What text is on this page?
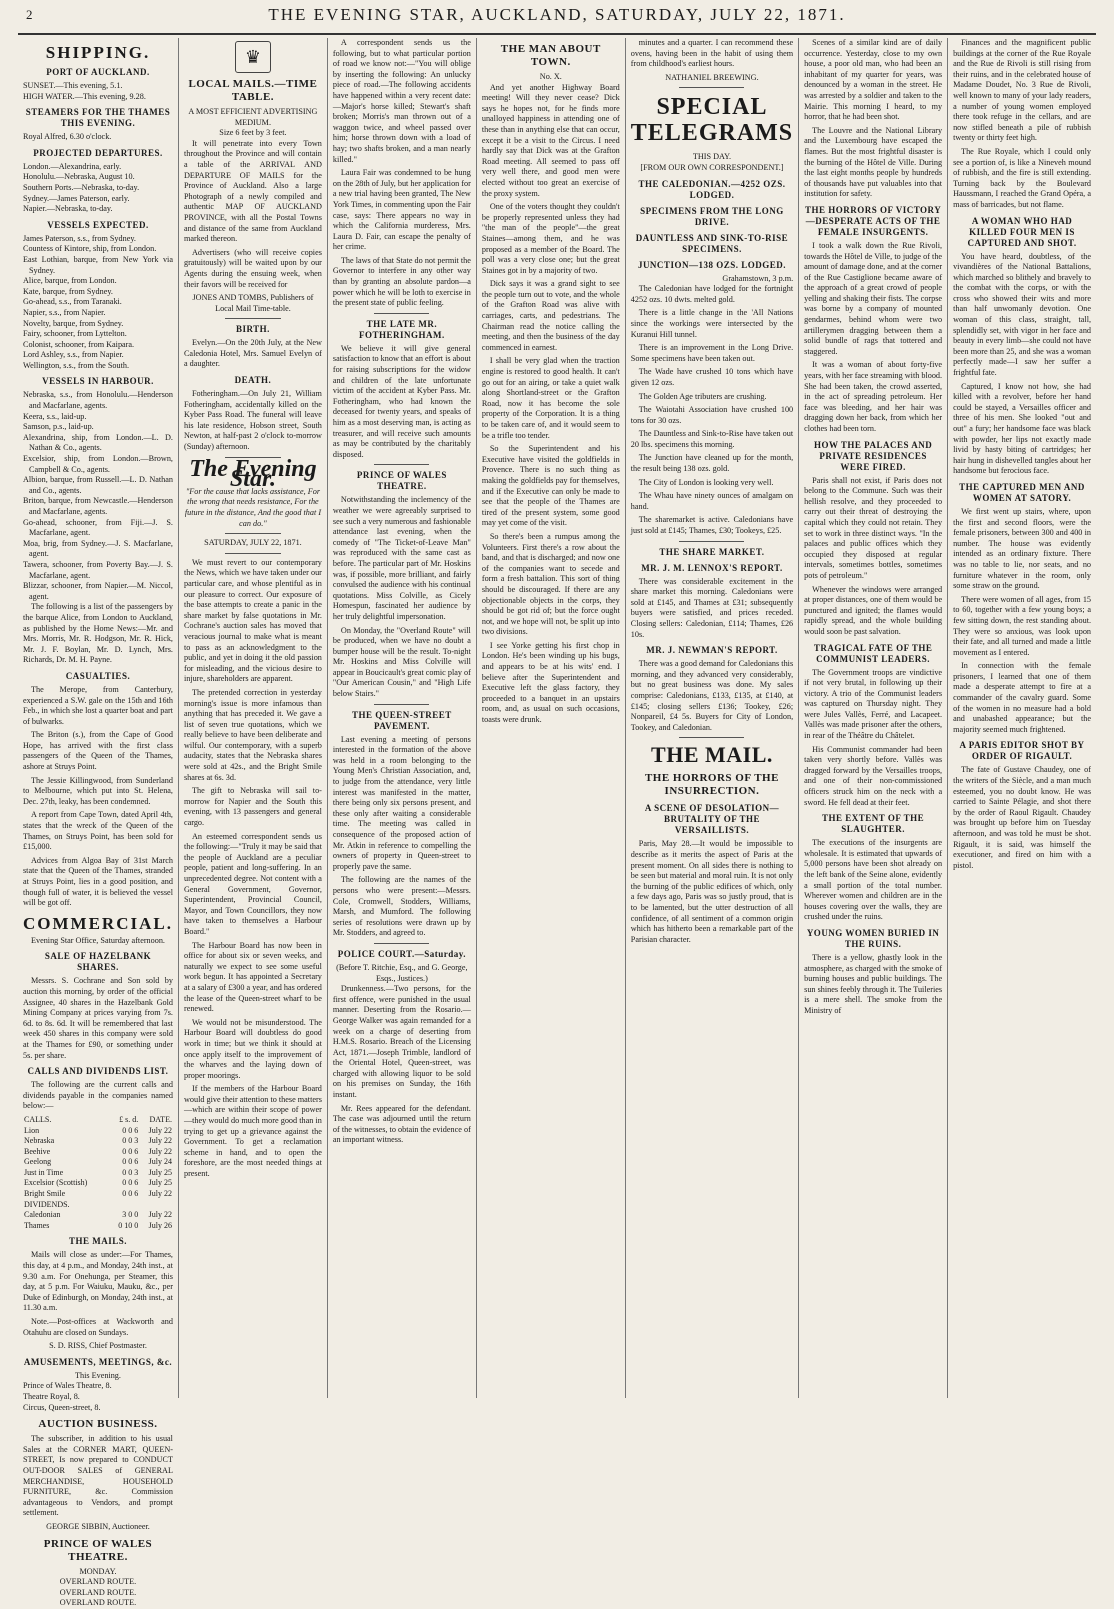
2	THE EVENING STAR, AUCKLAND, SATURDAY, JULY 22, 1871.
SHIPPING.
PORT OF AUCKLAND.
SUNSET.—This evening, 5.1.
HIGH WATER.—This evening, 9.28.
STEAMERS FOR THE THAMES THIS EVENING.
Royal Alfred, 6.30 o'clock.
PROJECTED DEPARTURES.
London.—Alexandrina, early.
Honolulu.—Nebraska, August 10.
Southern Ports.—Nebraska, to-day.
Sydney.—James Paterson, early.
Napier.—Nebraska, to-day.
VESSELS EXPECTED.
James Paterson, s.s., from Sydney.
Countess of Kintore, ship, from London.
East Lothian, barque, from New York via Sydney.
Alice, barque, from London.
Kate, barque, from Sydney.
Go-ahead, s.s., from Taranaki.
Napier, s.s., from Napier.
Novelty, barque, from Sydney.
Fairy, schooner, from Lyttelton.
Colonist, schooner, from Kaipara.
Lord Ashley, s.s., from Napier.
Wellington, s.s., from the South.
VESSELS IN HARBOUR.
Nebraska, s.s., from Honolulu.—Henderson and Macfarlane, agents.
Keera, s.s., laid-up.
Samson, p.s., laid-up.
Alexandrina, ship, from London.—L. D. Nathan & Co., agents.
Excelsior, ship, from London.—Brown, Campbell & Co., agents.
Albion, barque, from Russell.—L. D. Nathan and Co., agents.
Briton, barque, from Newcastle.—Henderson and Macfarlane, agents.
Go-ahead, schooner, from Fiji.—J. S. Macfarlane, agent.
Moa, brig, from Sydney.—J. S. Macfarlane, agent.
Tawera, schooner, from Poverty Bay.—J. S. Macfarlane, agent.
Blizzar, schooner, from Napier.—M. Niccol, agent.

The following is a list of the passengers by the barque Alice, from London to Auckland, as published by the Home News:—Mr. and Mrs. Morris, Mr. R. Hodgson, Mr. R. Hick, Mr. J. F. Boylan, Mr. D. Lynch, Mrs. Richards, Dr. M. H. Payne.

CASUALTIES.

The Merope, from Canterbury, experienced a S.W. gale on the 15th and 16th Feb., in which she lost a quarter boat and part of bulwarks.

The Briton (s.), from the Cape of Good Hope, has arrived with the first class passengers of the Queen of the Thames, ashore at Struys Point.

The Jessie Killingwood, from Sunderland to Melbourne, which put into St. Helena, Dec. 27th, leaky, has been condemned.

A report from Cape Town, dated April 4th, states that the wreck of the Queen of the Thames, on Struys Point, has been sold for £15,000.

Advices from Algoa Bay of 31st March state that the Queen of the Thames, stranded at Struys Point, lies in a good position, and though full of water, it is believed the vessel will be got off.

COMMERCIAL.
Evening Star Office, Saturday afternoon.
SALE OF HAZELBANK SHARES.

Messrs. S. Cochrane and Son sold by auction this morning, by order of the official Assignee, 40 shares in the Hazelbank Gold Mining Company at prices varying from 7s. 6d. to 8s. 6d. It will be remembered that last week 450 shares in this company were sold at the Thames for £90, or something under 5s. per share.

CALLS AND DIVIDENDS LIST.

The following are the current calls and dividends payable in the companies named below:—

CALLS.	£ s. d.	DATE.
Lion	0 0 6	July 22
Nebraska	0 0 3	July 22
Beehive	0 0 6	July 22
Geelong	0 0 6	July 24
Just in Time	0 0 3	July 25
Excelsior (Scottish)	0 0 6	July 25
Bright Smile	0 0 6	July 22
DIVIDENDS.		
Caledonian	3 0 0	July 22
Thames	0 10 0	July 26
THE MAILS.

Mails will close as under:—For Thames, this day, at 4 p.m., and Monday, 24th inst., at 9.30 a.m. For Onehunga, per Steamer, this day, at 5 p.m. For Waiuku, Mauku, &c., per Duke of Edinburgh, on Monday, 24th inst., at 11.30 a.m.

Note.—Post-offices at Wackworth and Otahuhu are closed on Sundays.

S. D. RISS, Chief Postmaster.
AMUSEMENTS, MEETINGS, &c.
This Evening.
Prince of Wales Theatre, 8.
Theatre Royal, 8.
Circus, Queen-street, 8.
AUCTION BUSINESS.

The subscriber, in addition to his usual Sales at the CORNER MART, QUEEN-STREET, Is now prepared to CONDUCT OUT-DOOR SALES of GENERAL MERCHANDISE, HOUSEHOLD FURNITURE, &c. Commission advantageous to Vendors, and prompt settlement.

GEORGE SIBBIN, Auctioneer.
PRINCE OF WALES THEATRE.
MONDAY.
OVERLAND ROUTE.
OVERLAND ROUTE.
OVERLAND ROUTE.
♛
LOCAL MAILS.—TIME TABLE.
A MOST EFFICIENT ADVERTISING MEDIUM.
Size 6 feet by 3 feet.

It will penetrate into every Town throughout the Province and will contain a table of the ARRIVAL AND DEPARTURE OF MAILS for the Province of Auckland. Also a large Photograph of a newly compiled and authentic MAP OF AUCKLAND PROVINCE, with all the Postal Towns and distance of the same from Auckland marked thereon.

Advertisers (who will receive copies gratuitously) will be waited upon by our Agents during the ensuing week, when their favors will be received for

JONES AND TOMBS, Publishers of Local Mail Time-table.
BIRTH.

Evelyn.—On the 20th July, at the New Caledonia Hotel, Mrs. Samuel Evelyn of a daughter.

DEATH.

Fotheringham.—On July 21, William Fotheringham, accidentally killed on the Kyber Pass Road. The funeral will leave his late residence, Hobson street, South Newton, at half-past 2 o'clock to-morrow (Sunday) afternoon.

The Evening Star.
"For the cause that lacks assistance, For the wrong that needs resistance, For the future in the distance, And the good that I can do."
SATURDAY, JULY 22, 1871.

We must revert to our contemporary the News, which we have taken under our particular care, and whose plentiful as in our pleasure to correct. Our exposure of the base attempts to create a panic in the share market by false quotations in Mr. Cochrane's auction sales has moved that veracious journal to make what is meant to pass as an acknowledgment to the public, and yet in doing it the old passion for misleading, and the vicious desire to injure, shareholders are apparent.

The pretended correction in yesterday morning's issue is more infamous than anything that has preceded it. We gave a list of seven true quotations, which we really believe to have been deliberate and wilful. Our contemporary, with a superb audacity, states that the Nebraska shares were sold at 42s., and the Bright Smile shares at 6s. 3d.

The gift to Nebraska will sail to-morrow for Napier and the South this evening, with 13 passengers and general cargo.

An esteemed correspondent sends us the following:—"Truly it may be said that the people of Auckland are a peculiar people, patient and long-suffering. In an unprecedented degree. Not content with a General Government, Governor, Superintendent, Provincial Council, Mayor, and Town Councillors, they now have taken to themselves a Harbour Board."

The Harbour Board has now been in office for about six or seven weeks, and naturally we expect to see some useful work begun. It has appointed a Secretary at a salary of £300 a year, and has ordered the lease of the Queen-street wharf to be renewed.

We would not be misunderstood. The Harbour Board will doubtless do good work in time; but we think it should at once apply itself to the improvement of the wharves and the laying down of proper moorings.

If the members of the Harbour Board would give their attention to these matters—which are within their scope of power—they would do much more good than in trying to get up a grievance against the Government. To get a reclamation scheme in hand, and to open the foreshore, are the most needed things at present.

A correspondent sends us the following, but to what particular portion of road we know not:—"You will oblige by inserting the following: An unlucky piece of road.—The following accidents have happened within a very recent date:—Major's horse killed; Stewart's shaft broken; Morris's man thrown out of a waggon twice, and wheel passed over him; horse thrown down with a load of hay; two shafts broken, and a man nearly killed."

Laura Fair was condemned to be hung on the 28th of July, but her application for a new trial having been granted, The New York Times, in commenting upon the Fair case, says: There appears no way in which the California murderess, Mrs. Laura D. Fair, can escape the penalty of her crime.

The laws of that State do not permit the Governor to interfere in any other way than by granting an absolute pardon—a power which he will be loth to exercise in the present state of public feeling.

THE LATE MR. FOTHERINGHAM.

We believe it will give general satisfaction to know that an effort is about for raising subscriptions for the widow and children of the late unfortunate victim of the accident at Kyber Pass. Mr. Fotheringham, who had known the deceased for twenty years, and speaks of him as a most deserving man, is acting as treasurer, and will receive such amounts as may be contributed by the charitably disposed.

PRINCE OF WALES THEATRE.

Notwithstanding the inclemency of the weather we were agreeably surprised to see such a very numerous and fashionable attendance last evening, when the comedy of "The Ticket-of-Leave Man" was reproduced with the same cast as before. The particular part of Mr. Hoskins was, if possible, more brilliant, and fairly convulsed the audience with his continual quotations. Miss Colville, as Cicely Homespun, fascinated her audience by her truly delightful impersonation.

On Monday, the "Overland Route" will be produced, when we have no doubt a bumper house will be the result. To-night Mr. Hoskins and Miss Colville will appear in Boucicault's great comic play of "Our American Cousin," and "High Life below Stairs."

THE QUEEN-STREET PAVEMENT.

Last evening a meeting of persons interested in the formation of the above was held in a room belonging to the Young Men's Christian Association, and, to judge from the attendance, very little interest was manifested in the matter, there being only six persons present, and these only after waiting a considerable time. The meeting was called in consequence of the proposed action of Mr. Atkin in reference to compelling the owners of property in Queen-street to properly pave the same.

The following are the names of the persons who were present:—Messrs. Cole, Cromwell, Stodders, Williams, Marsh, and Mumford. The following series of resolutions were drawn up by Mr. Stodders, and agreed to.

POLICE COURT.—Saturday.
(Before T. Ritchie, Esq., and G. George, Esqs., Justices.)

Drunkenness.—Two persons, for the first offence, were punished in the usual manner. Deserting from the Rosario.—George Walker was again remanded for a week on a charge of deserting from H.M.S. Rosario. Breach of the Licensing Act, 1871.—Joseph Trimble, landlord of the Oriental Hotel, Queen-street, was charged with allowing liquor to be sold on his premises on Sunday, the 16th instant.

Mr. Rees appeared for the defendant. The case was adjourned until the return of the witnesses, to obtain the evidence of an important witness.

THE MAN ABOUT TOWN.
No. X.

And yet another Highway Board meeting! Will they never cease? Dick says he hopes not, for he finds more unalloyed happiness in attending one of these than in anything else that can occur, except it be a visit to the Circus. I need hardly say that Dick was at the Grafton Road meeting. All seemed to pass off very well there, and good men were elected without too great an exercise of the proxy system.

One of the voters thought they couldn't be properly represented unless they had "the man of the people"—the great Staines—among them, and he was proposed as a member of the Board. The poll was a very close one; but the great Staines got in by a majority of two.

Dick says it was a grand sight to see the people turn out to vote, and the whole of the Grafton Road was alive with carriages, carts, and pedestrians. The Chairman read the notice calling the meeting, and then the business of the day commenced in earnest.

I shall be very glad when the traction engine is restored to good health. It can't go out for an airing, or take a quiet walk along Shortland-street or the Grafton Road, now it has become the sole property of the Corporation. It is a thing to be taken care of, and it would seem to be a trifle too tender.

So the Superintendent and his Executive have visited the goldfields in Provence. There is no such thing as making the goldfields pay for themselves, and if the Executive can only be made to see that the people of the Thames are tired of the present system, some good may yet come of the visit.

So there's been a rumpus among the Volunteers. First there's a row about the band, and that is discharged; and now one of the companies want to secede and form a fresh battalion. This sort of thing should be discouraged. If there are any objectionable objects in the corps, they should be got rid of; but the force ought not, and we hope will not, be split up into two divisions.

I see Yorke getting his first chop in London. He's been winding up his bugs, and appears to be at his wits' end. I believe after the Superintendent and Executive left the glass factory, they proceeded to a banquet in an upstairs room, and, as usual on such occasions, toasts were drunk.

minutes and a quarter. I can recommend these ovens, having been in the habit of using them from childhood's earliest hours.

NATHANIEL BREEWING.
SPECIAL TELEGRAMS
THIS DAY.
[FROM OUR OWN CORRESPONDENT.]
THE CALEDONIAN.—4252 OZS. LODGED.
SPECIMENS FROM THE LONG DRIVE.
DAUNTLESS AND SINK-TO-RISE SPECIMENS.
JUNCTION—138 OZS. LODGED.
Grahamstown, 3 p.m.

The Caledonian have lodged for the fortnight 4252 ozs. 10 dwts. melted gold.

There is a little change in the 'All Nations since the workings were intersected by the Kuranui Hill tunnel.

There is an improvement in the Long Drive. Some specimens have been taken out.

The Wade have crushed 10 tons which have given 12 ozs.

The Golden Age tributers are crushing.

The Waiotahi Association have crushed 100 tons for 30 ozs.

The Dauntless and Sink-to-Rise have taken out 20 lbs. specimens this morning.

The Junction have cleaned up for the month, the result being 138 ozs. gold.

The City of London is looking very well.

The Whau have ninety ounces of amalgam on hand.

The sharemarket is active. Caledonians have just sold at £145; Thames, £30; Tookeys, £25.

THE SHARE MARKET.
MR. J. M. LENNOX'S REPORT.

There was considerable excitement in the share market this morning. Caledonians were sold at £145, and Thames at £31; subsequently buyers were satisfied, and prices receded. Closing sellers: Caledonian, £114; Thames, £26 10s.

MR. J. NEWMAN'S REPORT.

There was a good demand for Caledonians this morning, and they advanced very considerably, but no great business was done. My sales comprise: Caledonians, £133, £135, at £140, at £145; closing sellers £136; Tookey, £26; Nonpareil, £4 5s. Buyers for City of London, Tookey, and Caledonian.

THE MAIL.
THE HORRORS OF THE INSURRECTION.
A SCENE OF DESOLATION—BRUTALITY OF THE VERSAILLISTS.

Paris, May 28.—It would be impossible to describe as it merits the aspect of Paris at the present moment. On all sides there is nothing to be seen but material and moral ruin. It is not only the burning of the public edifices of which, only a few days ago, Paris was so justly proud, that is to be lamented, but the utter destruction of all confidence, of all sentiment of a common origin which has hitherto been a remarkable part of the Parisian character.

Scenes of a similar kind are of daily occurrence. Yesterday, close to my own house, a poor old man, who had been an inhabitant of my quarter for years, was denounced by a woman in the street. He was arrested by a soldier and taken to the Mairie. This morning I heard, to my horror, that he had been shot.

The Louvre and the National Library and the Luxembourg have escaped the flames. But the most frightful disaster is the burning of the Hôtel de Ville. During the last eight months people by hundreds of thousands have put valuables into that institution for safety.

THE HORRORS OF VICTORY—DESPERATE ACTS OF THE FEMALE INSURGENTS.

I took a walk down the Rue Rivoli, towards the Hôtel de Ville, to judge of the amount of damage done, and at the corner of the Rue Castiglione became aware of the approach of a great crowd of people yelling and shaking their fists. The corpse was borne by a company of mounted gendarmes, behind whom were two artillerymen dragging between them a solid bundle of rags that tottered and staggered.

It was a woman of about forty-five years, with her face streaming with blood. She had been taken, the crowd asserted, in the act of spreading petroleum. Her face was bleeding, and her hair was dragging down her back, from which her clothes had been torn.

HOW THE PALACES AND PRIVATE RESIDENCES WERE FIRED.

Paris shall not exist, if Paris does not belong to the Commune. Such was their hellish resolve, and they proceeded to carry out their threat of destroying the capital which they could not retain. They set to work in three distinct ways. "In the palaces and public offices which they occupied they disposed at regular intervals, sometimes bottles, sometimes pots of petroleum."

Whenever the windows were arranged at proper distances, one of them would be punctured and ignited; the flames would rapidly spread, and the whole building would soon be past salvation.

TRAGICAL FATE OF THE COMMUNIST LEADERS.

The Government troops are vindictive if not very brutal, in following up their victory. A trio of the Communist leaders was captured on Thursday night. They were Jules Vallès, Ferré, and Lacapeet. Vallès was made prisoner after the others, in rear of the Théâtre du Châtelet.

His Communist commander had been taken very shortly before. Vallès was dragged forward by the Versailles troops, and one of their non-commissioned officers struck him on the neck with a sword. He fell dead at their feet.

THE EXTENT OF THE SLAUGHTER.

The executions of the insurgents are wholesale. It is estimated that upwards of 5,000 persons have been shot already on the left bank of the Seine alone, evidently a small portion of the total number. Wherever women and children are in the houses covering over the walls, they are crushed under the ruins.

YOUNG WOMEN BURIED IN THE RUINS.

There is a yellow, ghastly look in the atmosphere, as charged with the smoke of burning houses and public buildings. The sun shines feebly through it. The Tuileries is a mere shell. The smoke from the Ministry of

Finances and the magnificent public buildings at the corner of the Rue Royale and the Rue de Rivoli is still rising from their ruins, and in the celebrated house of Madame Doudet, No. 3 Rue de Rivoli, well known to many of your lady readers, a number of young women employed there took refuge in the cellars, and are now stifled beneath a pile of rubbish twenty or thirty feet high.

The Rue Royale, which I could only see a portion of, is like a Nineveh mound of rubbish, and the fire is still extending. Turning back by the Boulevard Haussmann, I reached the Grand Opéra, a mass of barricades, but not flame.

A WOMAN WHO HAD KILLED FOUR MEN IS CAPTURED AND SHOT.

You have heard, doubtless, of the vivandières of the National Battalions, which marched so blithely and bravely to the combat with the corps, or with the cross who showed their wits and more than half unwomanly devotion. One woman of this class, straight, tall, splendidly set, with vigor in her face and beauty in every limb—she could not have been more than 25, and she was a woman perfectly made—I saw her suffer a frightful fate.

Captured, I know not how, she had killed with a revolver, before her hand could be stayed, a Versailles officer and three of his men. She looked "out and out" a fury; her handsome face was black with powder, her lips not exactly made livid by hasty biting of cartridges; her hair hung in dishevelled tangles about her handsome but ferocious face.

THE CAPTURED MEN AND WOMEN AT SATORY.

We first went up stairs, where, upon the first and second floors, were the female prisoners, between 300 and 400 in number. The house was evidently intended as an ordinary fixture. There was no table to lie, nor seats, and no furniture whatever in the room, only some straw on the ground.

There were women of all ages, from 15 to 60, together with a few young boys; a few sitting down, the rest standing about. They were so anxious, was look upon their fate, and all turned and made a little movement as I entered.

In connection with the female prisoners, I learned that one of them made a desperate attempt to fire at a commander of the cavalry guard. Some of the women in no measure had a bold and unabashed appearance; but the majority seemed much frightened.

A PARIS EDITOR SHOT BY ORDER OF RIGAULT.

The fate of Gustave Chaudey, one of the writers of the Siècle, and a man much esteemed, you no doubt know. He was carried to Sainte Pélagie, and shot there by the order of Raoul Rigault. Chaudey was brought up before him on Tuesday afternoon, and was told he must be shot. Rigault, it is said, was himself the executioner, and fired on him with a pistol.
